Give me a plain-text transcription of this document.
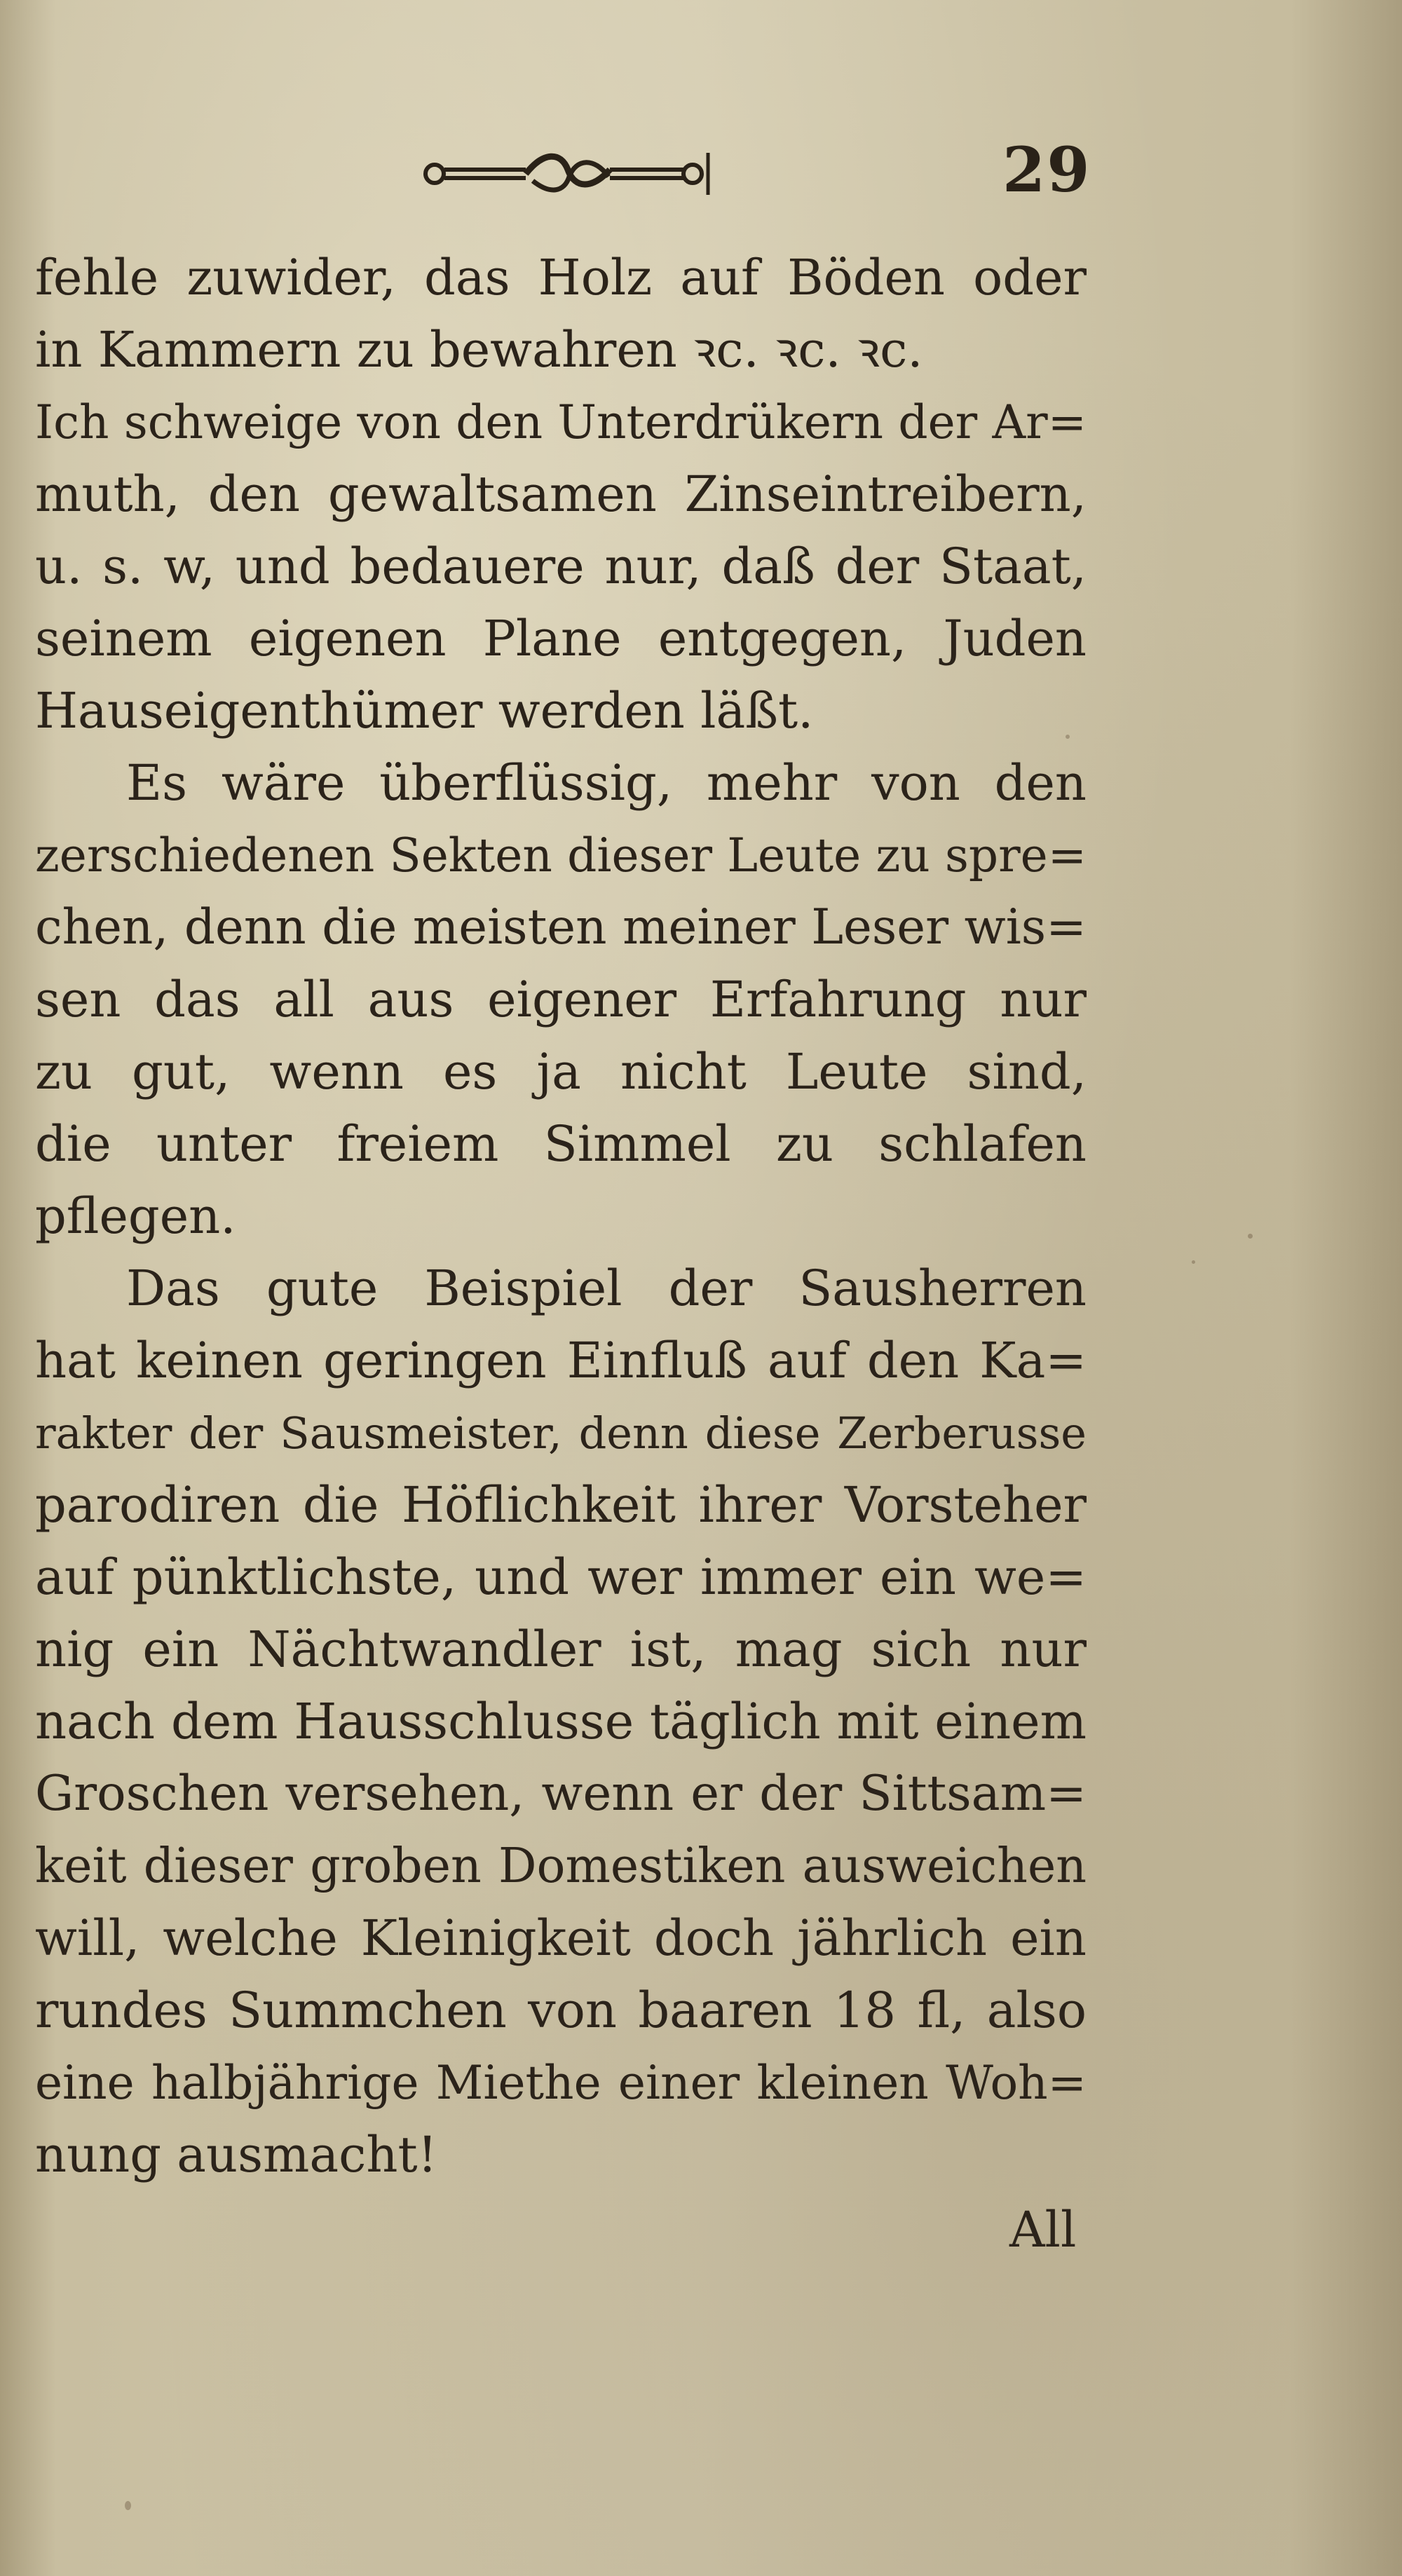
29
fehle zuwider, das Holz auf Böden oder
in Kammern zu bewahren ꝛc. ꝛc. ꝛc.
Ich schweige von den Unterdrükern der Ar=
muth, den gewaltsamen Zinseintreibern,
u. s. w, und bedauere nur, daß der Staat,
seinem eigenen Plane entgegen, Juden
Hauseigenthümer werden läßt.
Es wäre überflüssig, mehr von den
zerschiedenen Sekten dieser Leute zu spre=
chen, denn die meisten meiner Leser wis=
sen das all aus eigener Erfahrung nur
zu gut, wenn es ja nicht Leute sind,
die unter freiem Simmel zu schlafen
pflegen.
Das gute Beispiel der Sausherren
hat keinen geringen Einfluß auf den Ka=
rakter der Sausmeister, denn diese Zerberusse
parodiren die Höflichkeit ihrer Vorsteher
auf pünktlichste, und wer immer ein we=
nig ein Nächtwandler ist, mag sich nur
nach dem Hausschlusse täglich mit einem
Groschen versehen, wenn er der Sittsam=
keit dieser groben Domestiken ausweichen
will, welche Kleinigkeit doch jährlich ein
rundes Summchen von baaren 18 fl, also
eine halbjährige Miethe einer kleinen Woh=
nung ausmacht!
All
